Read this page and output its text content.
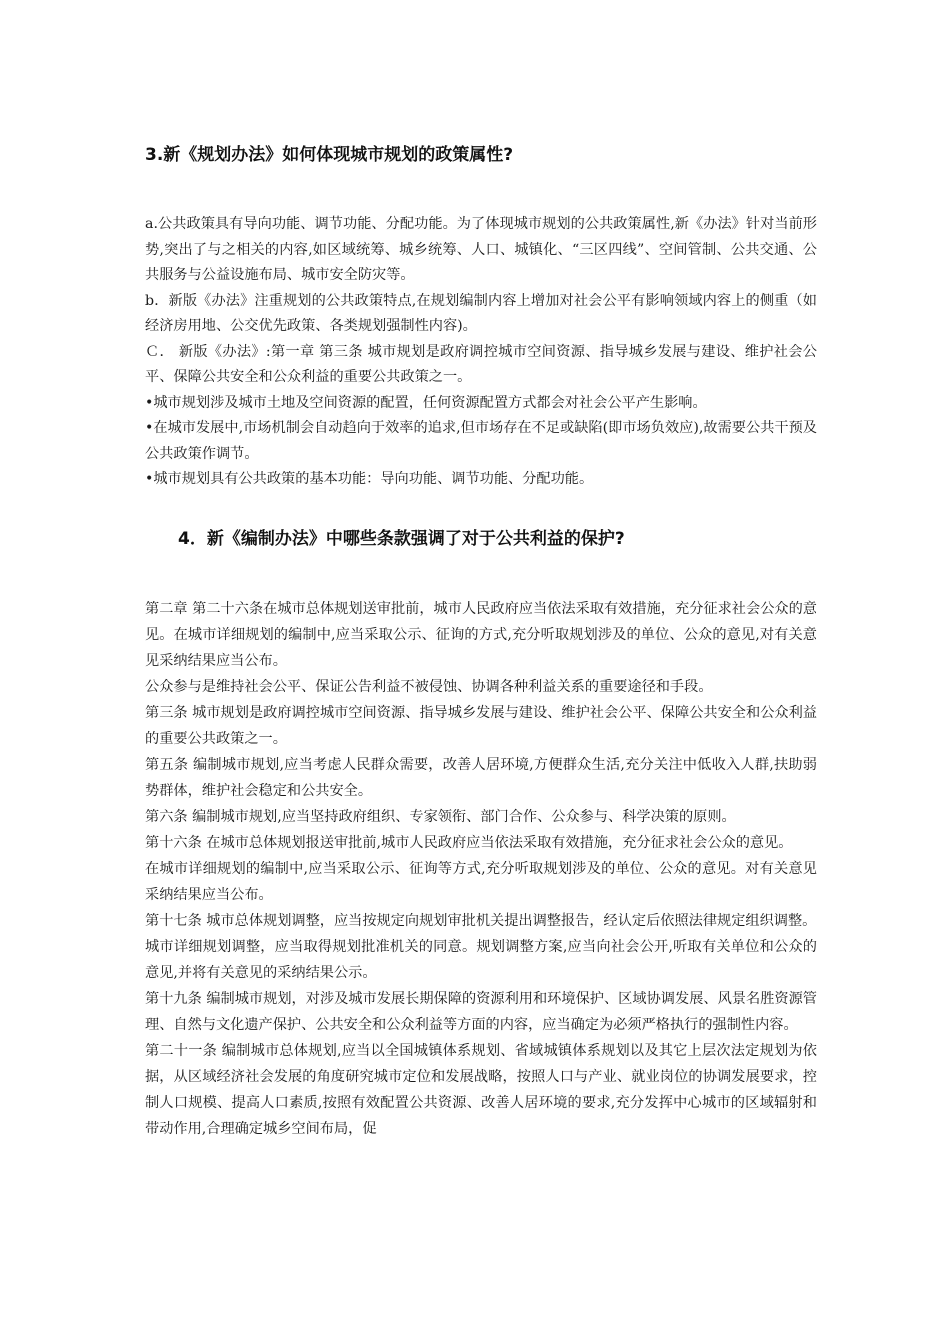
3.新《规划办法》如何体现城市规划的政策属性?

a.公共政策具有导向功能、调节功能、分配功能。为了体现城市规划的公共政策属性,新《办法》针对当前形势,突出了与之相关的内容,如区域统筹、城乡统筹、人口、城镇化、“三区四线”、空间管制、公共交通、公共服务与公益设施布局、城市安全防灾等。

b．新版《办法》注重规划的公共政策特点,在规划编制内容上增加对社会公平有影响领域内容上的侧重（如经济房用地、公交优先政策、各类规划强制性内容)。

Ｃ． 新版《办法》:第一章 第三条 城市规划是政府调控城市空间资源、指导城乡发展与建设、维护社会公平、保障公共安全和公众利益的重要公共政策之一。

•城市规划涉及城市土地及空间资源的配置，任何资源配置方式都会对社会公平产生影响。

•在城市发展中,市场机制会自动趋向于效率的追求,但市场存在不足或缺陷(即市场负效应),故需要公共干预及公共政策作调节。

•城市规划具有公共政策的基本功能：导向功能、调节功能、分配功能。

4．新《编制办法》中哪些条款强调了对于公共利益的保护?

第二章 第二十六条在城市总体规划送审批前，城市人民政府应当依法采取有效措施，充分征求社会公众的意见。在城市详细规划的编制中,应当采取公示、征询的方式,充分听取规划涉及的单位、公众的意见,对有关意见采纳结果应当公布。

公众参与是维持社会公平、保证公告利益不被侵蚀、协调各种利益关系的重要途径和手段。

第三条 城市规划是政府调控城市空间资源、指导城乡发展与建设、维护社会公平、保障公共安全和公众利益的重要公共政策之一。

第五条 编制城市规划,应当考虑人民群众需要，改善人居环境,方便群众生活,充分关注中低收入人群,扶助弱势群体，维护社会稳定和公共安全。

第六条 编制城市规划,应当坚持政府组织、专家领衔、部门合作、公众参与、科学决策的原则。

第十六条 在城市总体规划报送审批前,城市人民政府应当依法采取有效措施，充分征求社会公众的意见。

在城市详细规划的编制中,应当采取公示、征询等方式,充分听取规划涉及的单位、公众的意见。对有关意见采纳结果应当公布。

第十七条 城市总体规划调整，应当按规定向规划审批机关提出调整报告，经认定后依照法律规定组织调整。

城市详细规划调整，应当取得规划批准机关的同意。规划调整方案,应当向社会公开,听取有关单位和公众的意见,并将有关意见的采纳结果公示。

第十九条 编制城市规划，对涉及城市发展长期保障的资源利用和环境保护、区域协调发展、风景名胜资源管理、自然与文化遗产保护、公共安全和公众利益等方面的内容，应当确定为必须严格执行的强制性内容。

第二十一条 编制城市总体规划,应当以全国城镇体系规划、省域城镇体系规划以及其它上层次法定规划为依据，从区域经济社会发展的角度研究城市定位和发展战略，按照人口与产业、就业岗位的协调发展要求，控制人口规模、提高人口素质,按照有效配置公共资源、改善人居环境的要求,充分发挥中心城市的区域辐射和带动作用,合理确定城乡空间布局，促
